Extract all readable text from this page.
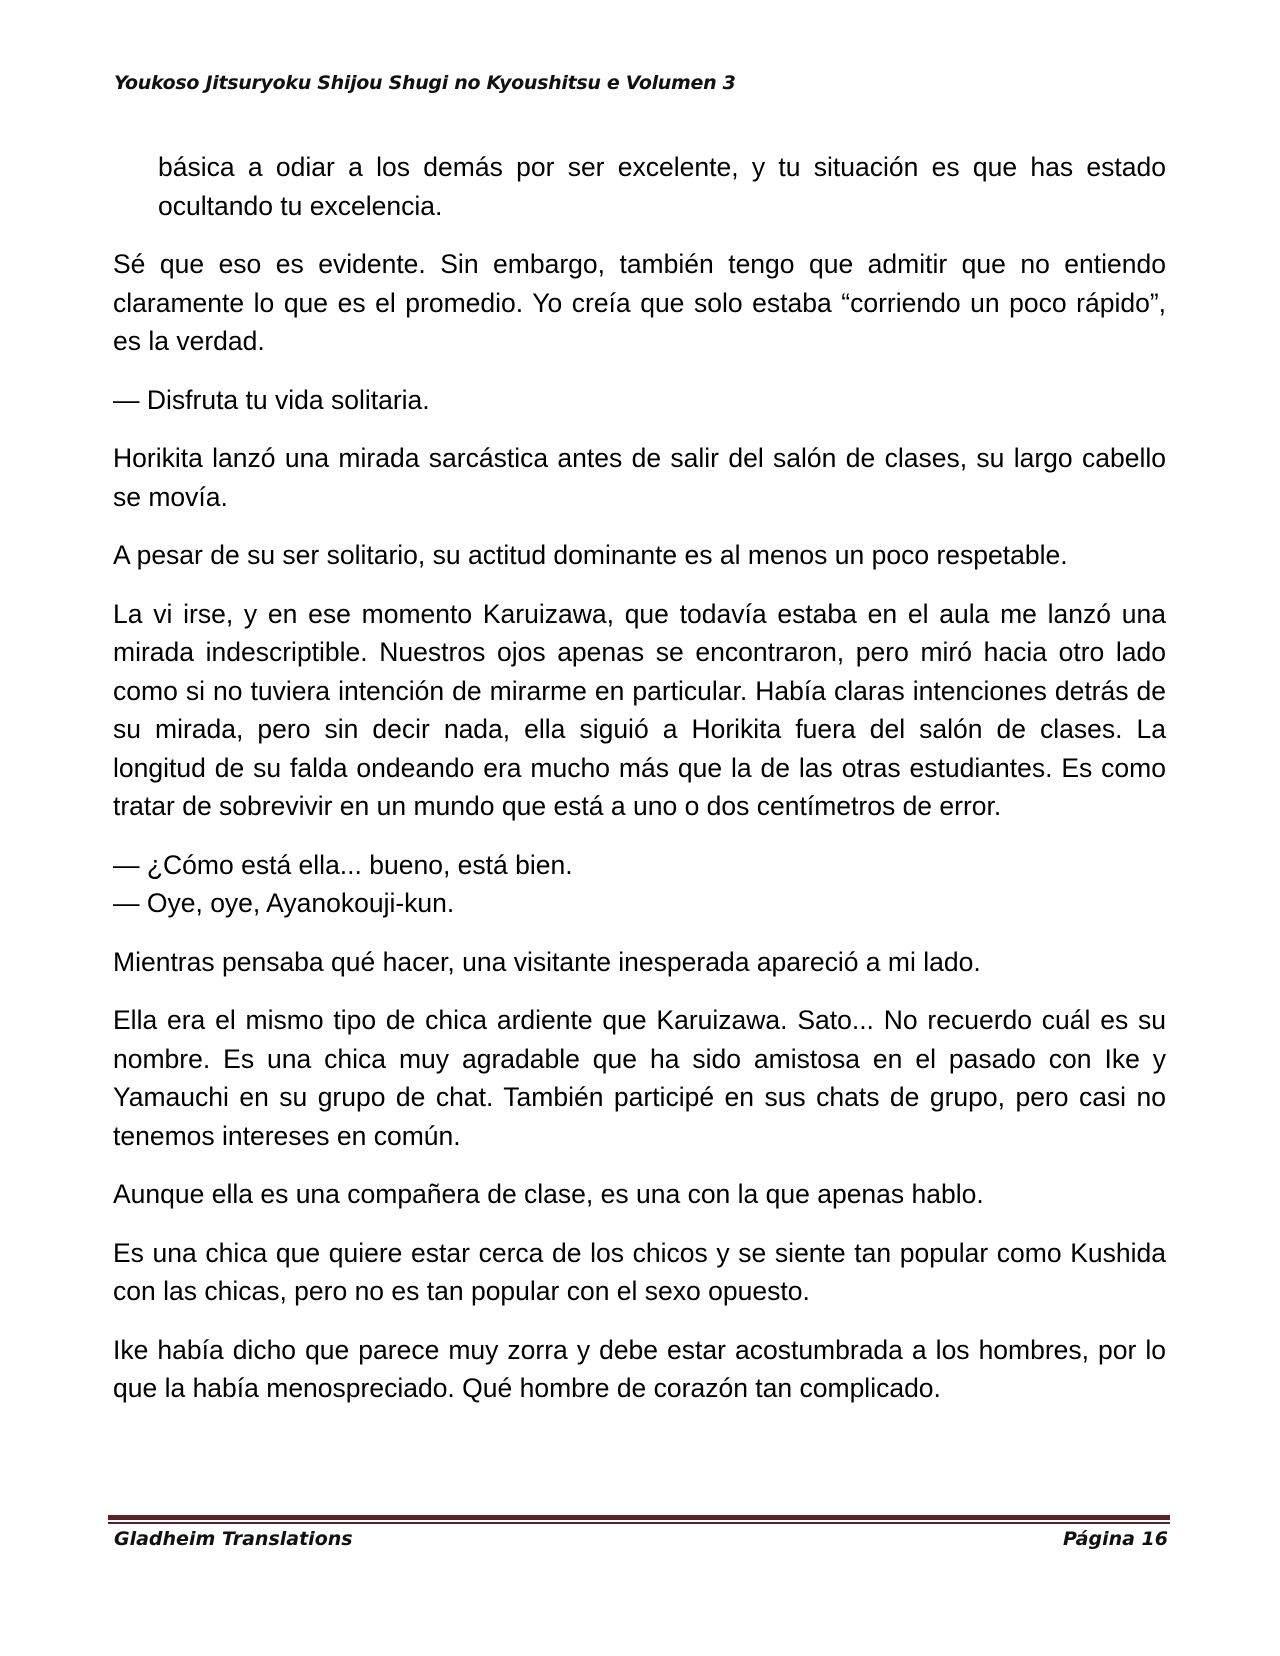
Youkoso Jitsuryoku Shijou Shugi no Kyoushitsu e Volumen 3

básica a odiar a los demás por ser excelente, y tu situación es que has estado ocultando tu excelencia.

Sé que eso es evidente. Sin embargo, también tengo que admitir que no entiendo claramente lo que es el promedio. Yo creía que solo estaba “corriendo un poco rápido”, es la verdad.

— Disfruta tu vida solitaria.

Horikita lanzó una mirada sarcástica antes de salir del salón de clases, su largo cabello se movía.

A pesar de su ser solitario, su actitud dominante es al menos un poco respetable.

La vi irse, y en ese momento Karuizawa, que todavía estaba en el aula me lanzó una mirada indescriptible. Nuestros ojos apenas se encontraron, pero miró hacia otro lado como si no tuviera intención de mirarme en particular. Había claras intenciones detrás de su mirada, pero sin decir nada, ella siguió a Horikita fuera del salón de clases. La longitud de su falda ondeando era mucho más que la de las otras estudiantes. Es como tratar de sobrevivir en un mundo que está a uno o dos centímetros de error.

— ¿Cómo está ella... bueno, está bien.

— Oye, oye, Ayanokouji-kun.

Mientras pensaba qué hacer, una visitante inesperada apareció a mi lado.

Ella era el mismo tipo de chica ardiente que Karuizawa. Sato... No recuerdo cuál es su nombre. Es una chica muy agradable que ha sido amistosa en el pasado con Ike y Yamauchi en su grupo de chat. También participé en sus chats de grupo, pero casi no tenemos intereses en común.

Aunque ella es una compañera de clase, es una con la que apenas hablo.

Es una chica que quiere estar cerca de los chicos y se siente tan popular como Kushida con las chicas, pero no es tan popular con el sexo opuesto.

Ike había dicho que parece muy zorra y debe estar acostumbrada a los hombres, por lo que la había menospreciado. Qué hombre de corazón tan complicado.

Gladheim Translations	Página 16
